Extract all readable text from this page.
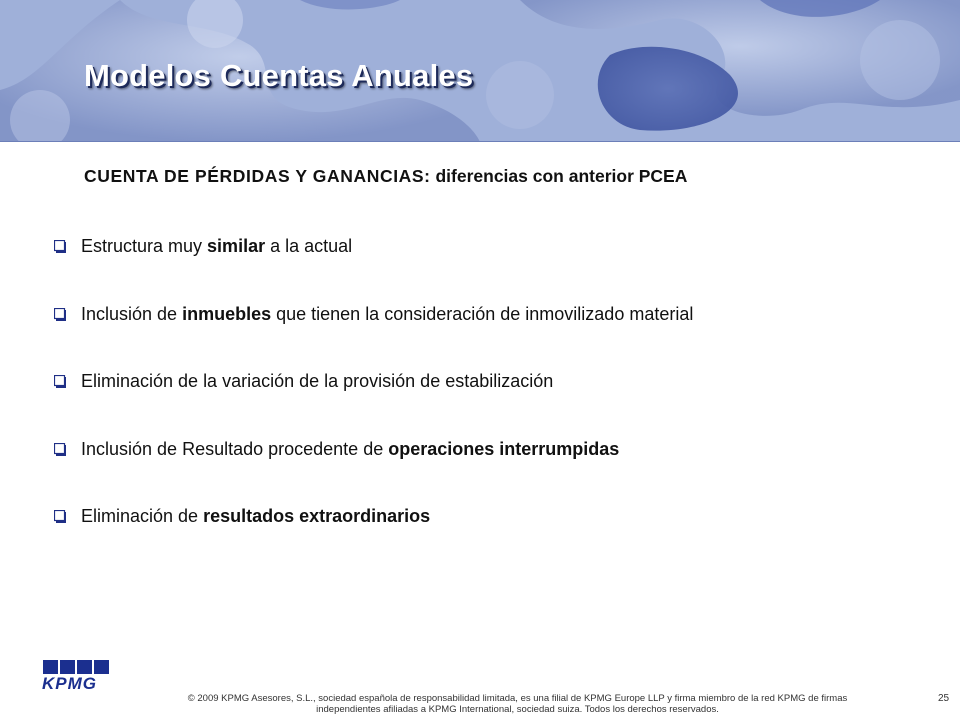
Modelos Cuentas Anuales
CUENTA DE PÉRDIDAS Y GANANCIAS: diferencias con anterior PCEA
Estructura muy similar a la actual
Inclusión de inmuebles que tienen la consideración de inmovilizado material
Eliminación de la variación de la provisión de estabilización
Inclusión de Resultado procedente de operaciones interrumpidas
Eliminación de resultados extraordinarios
KPMG
© 2009 KPMG Asesores, S.L., sociedad española de responsabilidad limitada, es una filial de KPMG Europe LLP y firma miembro de la red KPMG de firmas
independientes afiliadas a KPMG International, sociedad suiza. Todos los derechos reservados.
25
